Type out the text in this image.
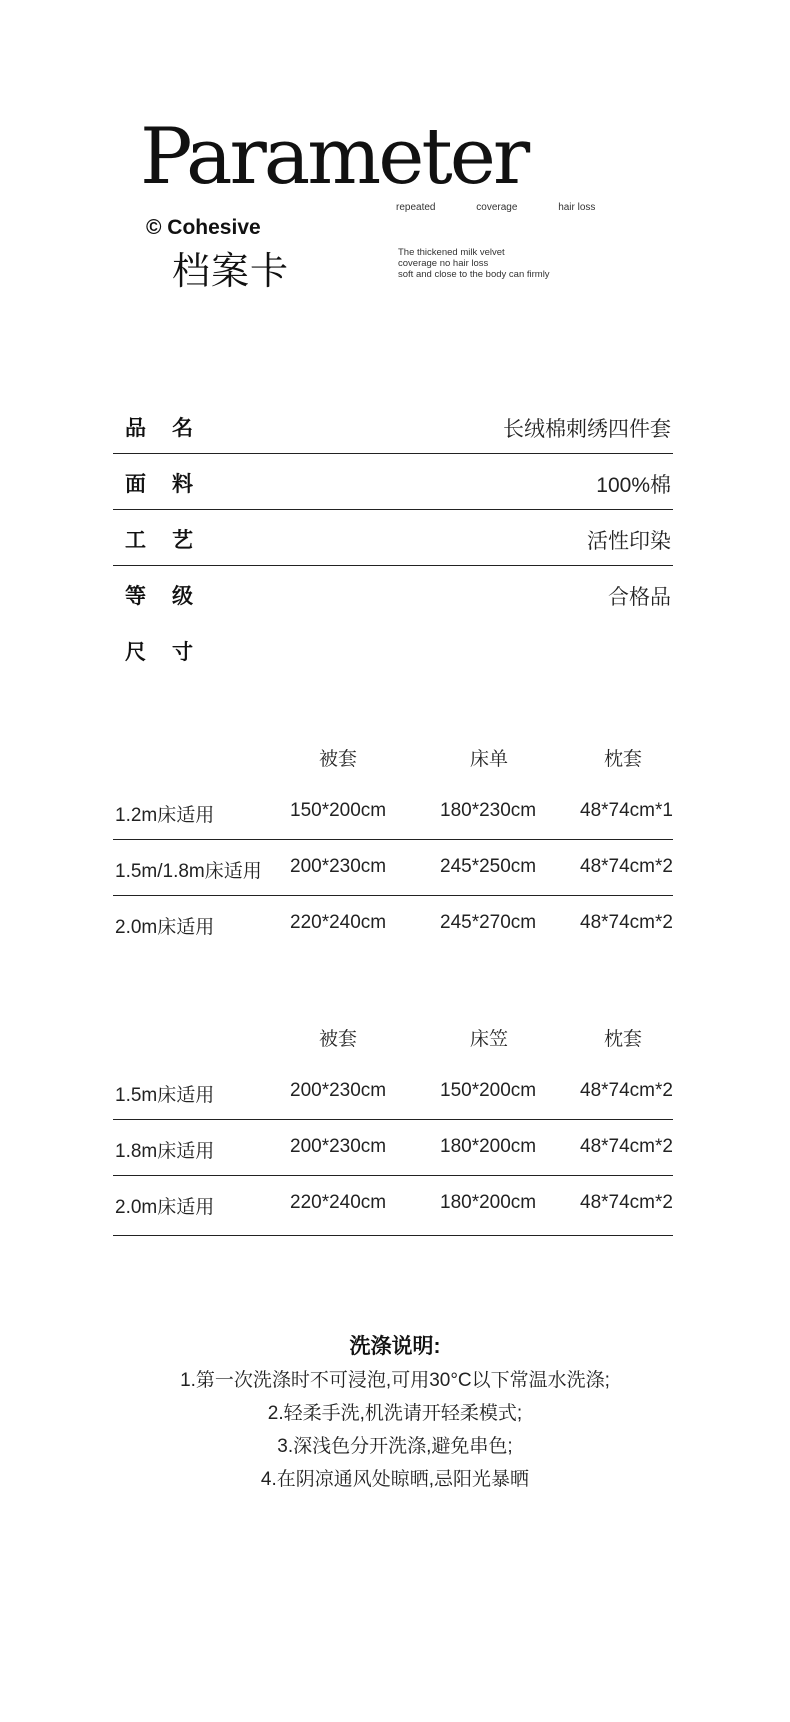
Parameter
repeated	coverage	hair loss
© Cohesive
档案卡	The thickened milk velvet
coverage no hair loss
soft and close to the body can firmly
品名	长绒棉刺绣四件套
面料	100%棉
工艺	活性印染
等级	合格品
尺寸
被套	床单	枕套
1.2m床适用	150*200cm	180*230cm 48*74cm*1
1.5m/1.8m床适用 200*230cm	245*250cm 48*74cm*2
2.0m床适用	220*240cm	245*270cm 48*74cm*2
被套	床笠	枕套
1.5m床适用	200*230cm	150*200cm 48*74cm*2
1.8m床适用	200*230cm	180*200cm 48*74cm*2
2.0m床适用	220*240cm	180*200cm 48*74cm*2
洗涤说明:
1.第一次洗涤时不可浸泡,可用30°C以下常温水洗涤;
2.轻柔手洗,机洗请开轻柔模式;
3.深浅色分开洗涤,避免串色;
4.在阴凉通风处晾晒,忌阳光暴晒
